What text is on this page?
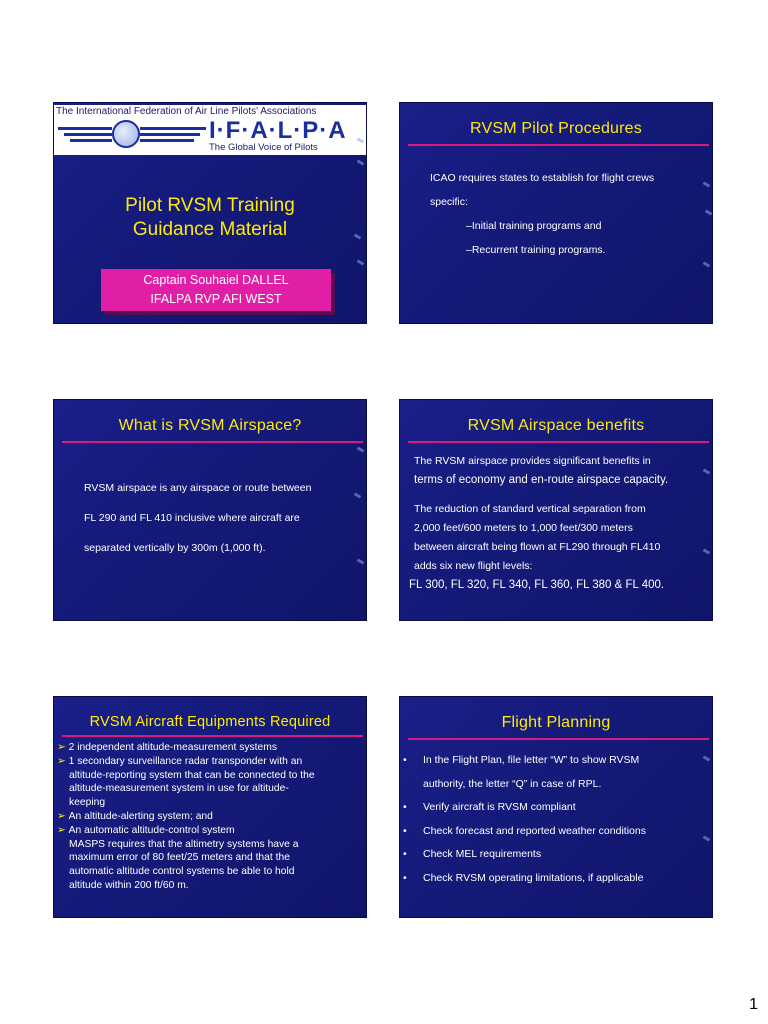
The International Federation of Air Line Pilots' Associations
I·F·A·L·P·A
The Global Voice of Pilots
Pilot RVSM Training
Guidance Material
Captain Souhaiel DALLEL
IFALPA RVP AFI WEST
RVSM Pilot Procedures

ICAO requires states to establish for flight crews

specific:

–Initial training programs and

–Recurrent training programs.

What is RVSM Airspace?

RVSM airspace is any airspace or route between

FL 290 and FL 410 inclusive where aircraft are

separated vertically by 300m (1,000 ft).

RVSM Airspace benefits

The RVSM airspace provides significant benefits in

terms of economy and en-route airspace capacity.

The reduction of standard vertical separation from

2,000 feet/600 meters to 1,000 feet/300 meters

between aircraft being flown at FL290 through FL410

adds six new flight levels:

FL 300, FL 320, FL 340, FL 360, FL 380 & FL 400.

RVSM Aircraft Equipments Required

➢ 2 independent altitude-measurement systems

➢ 1 secondary surveillance radar transponder with an

altitude-reporting system that can be connected to the

altitude-measurement system in use for altitude-

keeping

➢ An altitude-alerting system; and

➢ An automatic altitude-control system

MASPS requires that the altimetry systems have a

maximum error of 80 feet/25 meters and that the

automatic altitude control systems be able to hold

altitude within 200 ft/60 m.

Flight Planning

• In the Flight Plan, file letter “W” to show RVSM

authority, the letter “Q” in case of RPL.

• Verify aircraft is RVSM compliant

• Check forecast and reported weather conditions

• Check MEL requirements

• Check RVSM operating limitations, if applicable

1
